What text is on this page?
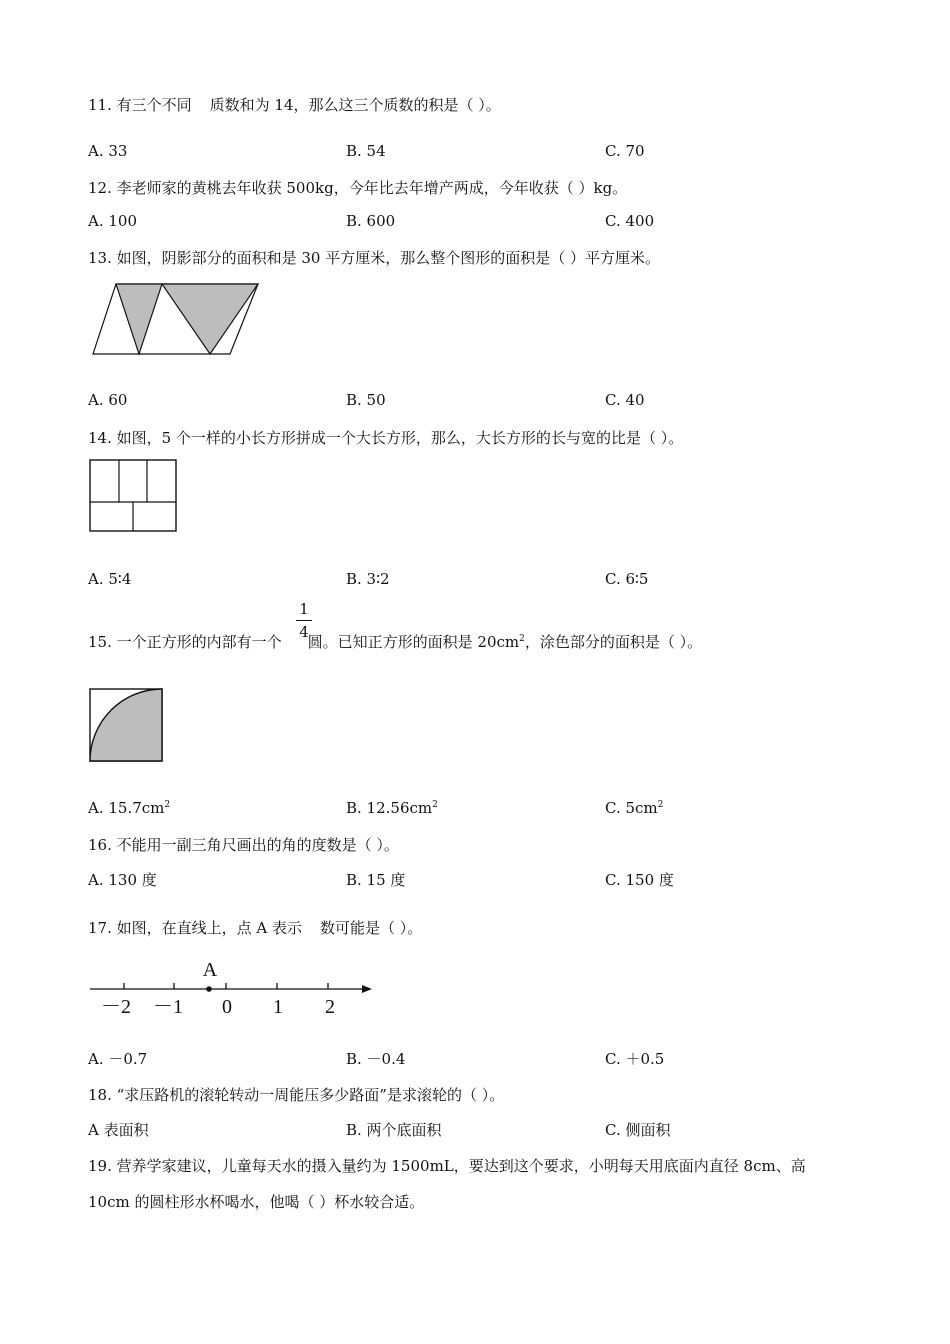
11. 有三个不同 质数和为 14，那么这三个质数的积是（ ）。
A. 33	B. 54	C. 70
12. 李老师家的黄桃去年收获 500kg，今年比去年增产两成，今年收获（ ）kg。
A. 100	B. 600	C. 400
13. 如图，阴影部分的面积和是 30 平方厘米，那么整个图形的面积是（ ）平方厘米。
A. 60	B. 50	C. 40
14. 如图，5 个一样的小长方形拼成一个大长方形，那么，大长方形的长与宽的比是（ ）。
A. 5∶4	B. 3∶2	C. 6∶5
15. 一个正方形的内部有一个 圆。已知正方形的面积是 $20cm^2$，涂色部分的面积是（ ）。
1
4
A. $15.7cm^2$	B. $12.56cm^2$	C. $5cm^2$
16. 不能用一副三角尺画出的角的度数是（ ）。
A. 130 度	B. 15 度	C. 150 度
17. 如图，在直线上，点 A 表示 数可能是（ ）。
A
－2 －1 0 1 2
A. －0.7	B. －0.4	C. ＋0.5
18. “求压路机的滚轮转动一周能压多少路面”是求滚轮的（ ）。
A 表面积	B. 两个底面积	C. 侧面积
19. 营养学家建议，儿童每天水的摄入量约为 1500mL，要达到这个要求，小明每天用底面内直径 8cm、高
10cm 的圆柱形水杯喝水，他喝（ ）杯水较合适。
